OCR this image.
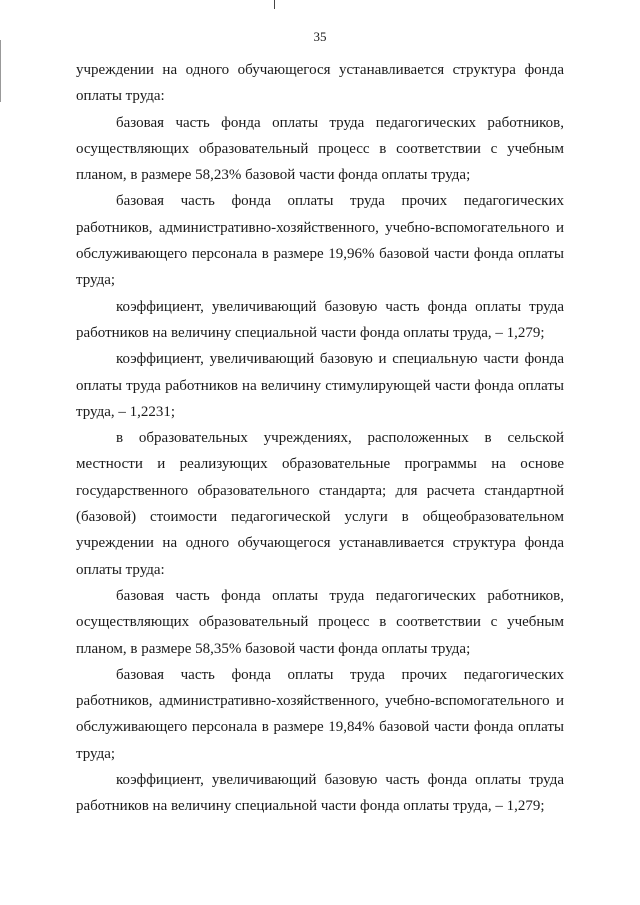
35

учреждении на одного обучающегося устанавливается структура фонда оплаты труда:

базовая часть фонда оплаты труда педагогических работников, осуществляющих образовательный процесс в соответствии с учебным планом, в размере 58,23% базовой части фонда оплаты труда;

базовая часть фонда оплаты труда прочих педагогических работников, административно-хозяйственного, учебно-вспомогательного и обслуживающего персонала в размере 19,96% базовой части фонда оплаты труда;

коэффициент, увеличивающий базовую часть фонда оплаты труда работников на величину специальной части фонда оплаты труда, – 1,279;

коэффициент, увеличивающий базовую и специальную части фонда оплаты труда работников на величину стимулирующей части фонда оплаты труда, – 1,2231;

в образовательных учреждениях, расположенных в сельской местности и реализующих образовательные программы на основе государственного образовательного стандарта; для расчета стандартной (базовой) стоимости педагогической услуги в общеобразовательном учреждении на одного обучающегося устанавливается структура фонда оплаты труда:

базовая часть фонда оплаты труда педагогических работников, осуществляющих образовательный процесс в соответствии с учебным планом, в размере 58,35% базовой части фонда оплаты труда;

базовая часть фонда оплаты труда прочих педагогических работников, административно-хозяйственного, учебно-вспомогательного и обслуживающего персонала в размере 19,84% базовой части фонда оплаты труда;

коэффициент, увеличивающий базовую часть фонда оплаты труда работников на величину специальной части фонда оплаты труда, – 1,279;
